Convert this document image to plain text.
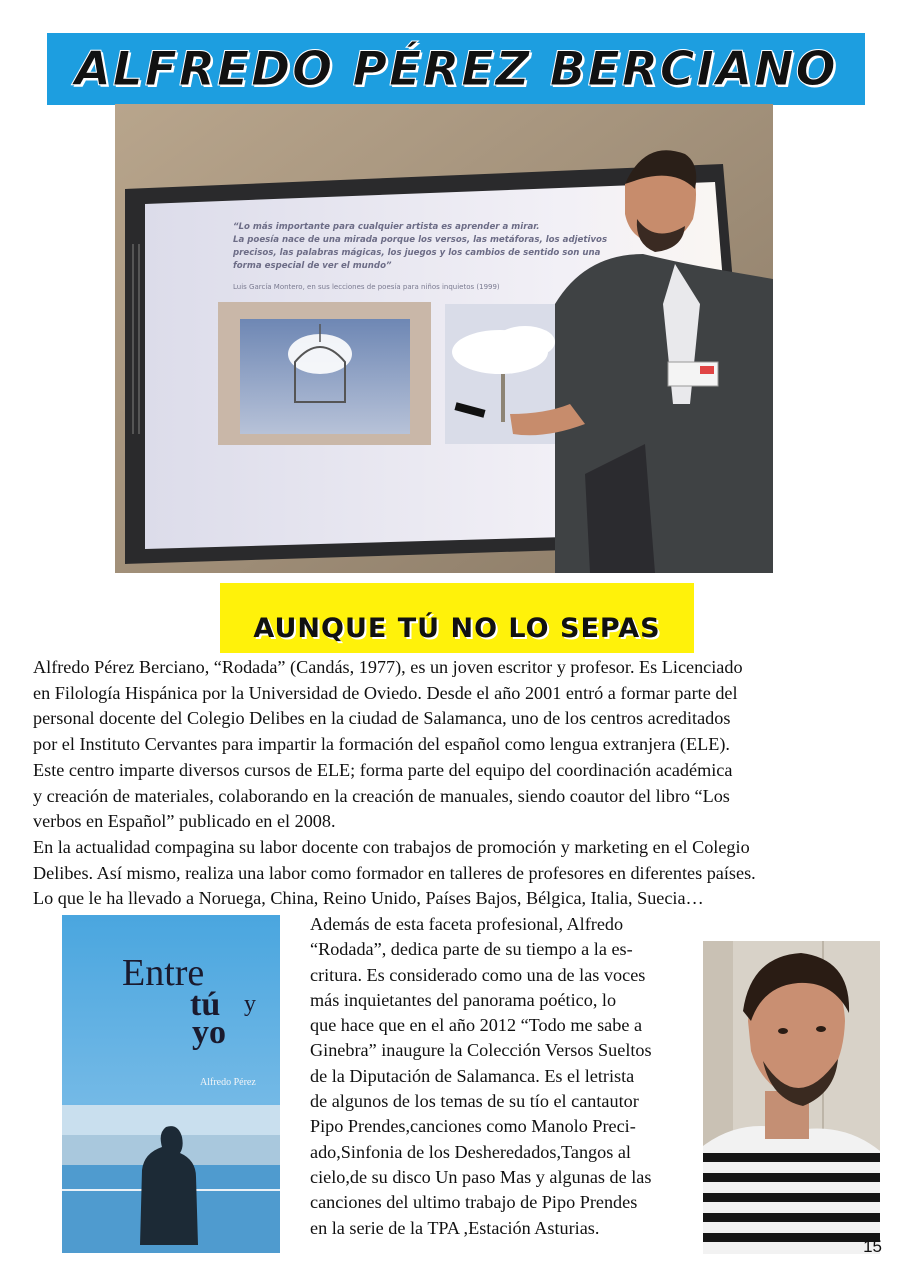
ALFREDO PÉREZ BERCIANO
“Lo más importante para cualquier artista es aprender a mirar.
La poesía nace de una mirada porque los versos, las metáforas, los adjetivos
precisos, las palabras mágicas, los juegos y los cambios de sentido son una
forma especial de ver el mundo”
Luis García Montero, en sus lecciones de poesía para niños inquietos (1999)
AUNQUE TÚ NO LO SEPAS
Alfredo Pérez Berciano, “Rodada” (Candás, 1977), es un joven escritor y profesor. Es Licenciado
en Filología Hispánica por la Universidad de Oviedo. Desde el año 2001 entró a formar parte del
personal docente del Colegio Delibes en la ciudad de Salamanca, uno de los centros acreditados
por el Instituto Cervantes para impartir la formación del español como lengua extranjera (ELE).
Este centro imparte diversos cursos de ELE; forma parte del equipo del coordinación académica
y creación de materiales, colaborando en la creación de manuales, siendo coautor del libro “Los
verbos en Español” publicado en el 2008.
En la actualidad compagina su labor docente con trabajos de promoción y marketing en el Colegio
Delibes. Así mismo, realiza una labor como formador en talleres de profesores en diferentes países.
Lo que le ha llevado a Noruega, China, Reino Unido, Países Bajos, Bélgica, Italia, Suecia…
Entre
tú y
yo
Alfredo Pérez
Además de esta faceta profesional, Alfredo
“Rodada”, dedica parte de su tiempo a la es-
critura. Es considerado como una de las voces
más inquietantes del panorama poético, lo
que hace que en el año 2012 “Todo me sabe a
Ginebra” inaugure la Colección Versos Sueltos
de la Diputación de Salamanca. Es el letrista
de algunos de los temas de su tío el cantautor
Pipo Prendes,canciones como Manolo Preci-
ado,Sinfonia de los Desheredados,Tangos al
cielo,de su disco Un paso Mas y algunas de las
canciones del ultimo trabajo de Pipo Prendes
en la serie de la TPA ,Estación Asturias.
15
